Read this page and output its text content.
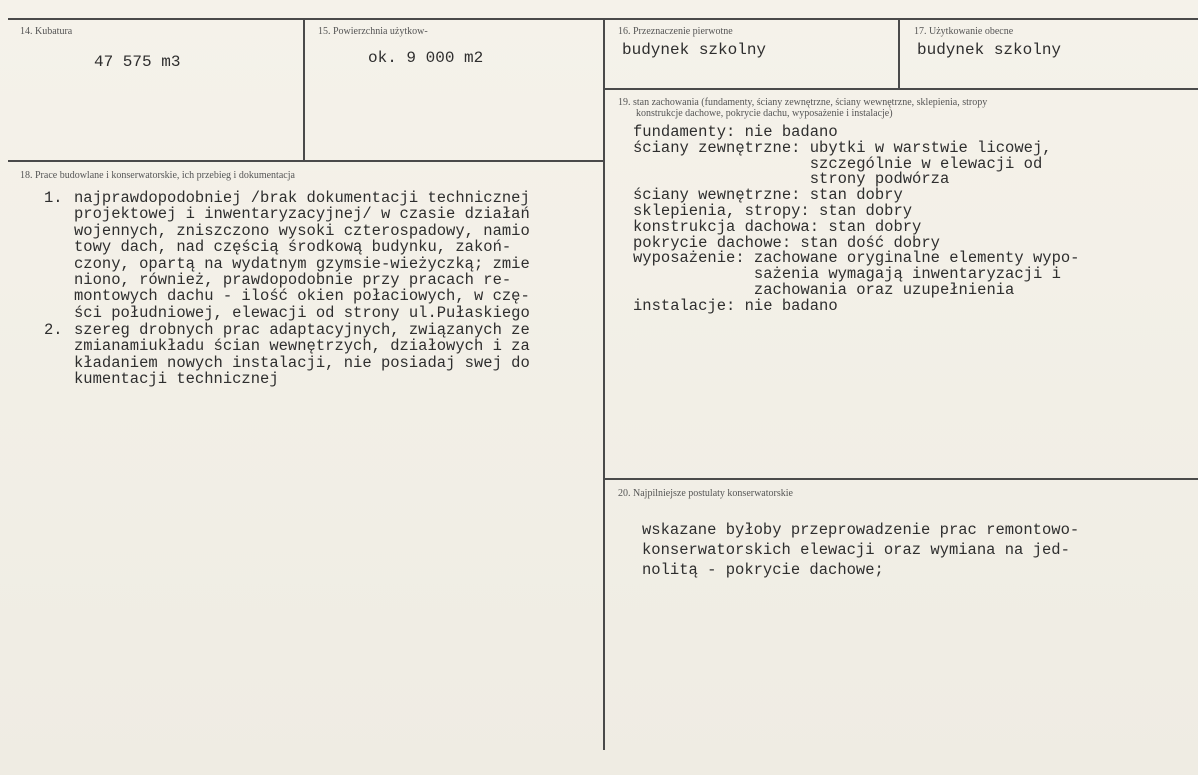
14. Kubatura
47 575 m3
15. Powierzchnia użytkow-
ok. 9 000 m2
16. Przeznaczenie pierwotne
budynek szkolny
17. Użytkowanie obecne
budynek szkolny
18. Prace budowlane i konserwatorskie, ich przebieg i dokumentacja
1. najprawdopodobniej /brak dokumentacji technicznej
projektowej i inwentaryzacyjnej/ w czasie działań
wojennych, zniszczono wysoki czterospadowy, namio
towy dach, nad częścią środkową budynku, zakoń-
czony, opartą na wydatnym gzymsie-wieżyczką; zmie
niono, również, prawdopodobnie przy pracach re-
montowych dachu - ilość okien połaciowych, w czę-
ści południowej, elewacji od strony ul.Pułaskiego
2. szereg drobnych prac adaptacyjnych, związanych ze
zmianamiukładu ścian wewnętrzych, działowych i za
kładaniem nowych instalacji, nie posiadaj swej do
kumentacji technicznej
19. stan zachowania (fundamenty, ściany zewnętrzne, ściany wewnętrzne, sklepienia, stropy
konstrukcje dachowe, pokrycie dachu, wyposażenie i instalacje)
fundamenty: nie badano
ściany zewnętrzne: ubytki w warstwie licowej,
szczególnie w elewacji od
strony podwórza
ściany wewnętrzne: stan dobry
sklepienia, stropy: stan dobry
konstrukcja dachowa: stan dobry
pokrycie dachowe: stan dość dobry
wyposażenie: zachowane oryginalne elementy wypo-
sażenia wymagają inwentaryzacji i
zachowania oraz uzupełnienia
instalacje: nie badano
20. Najpilniejsze postulaty konserwatorskie
wskazane byłoby przeprowadzenie prac remontowo-
konserwatorskich elewacji oraz wymiana na jed-
nolitą - pokrycie dachowe;
